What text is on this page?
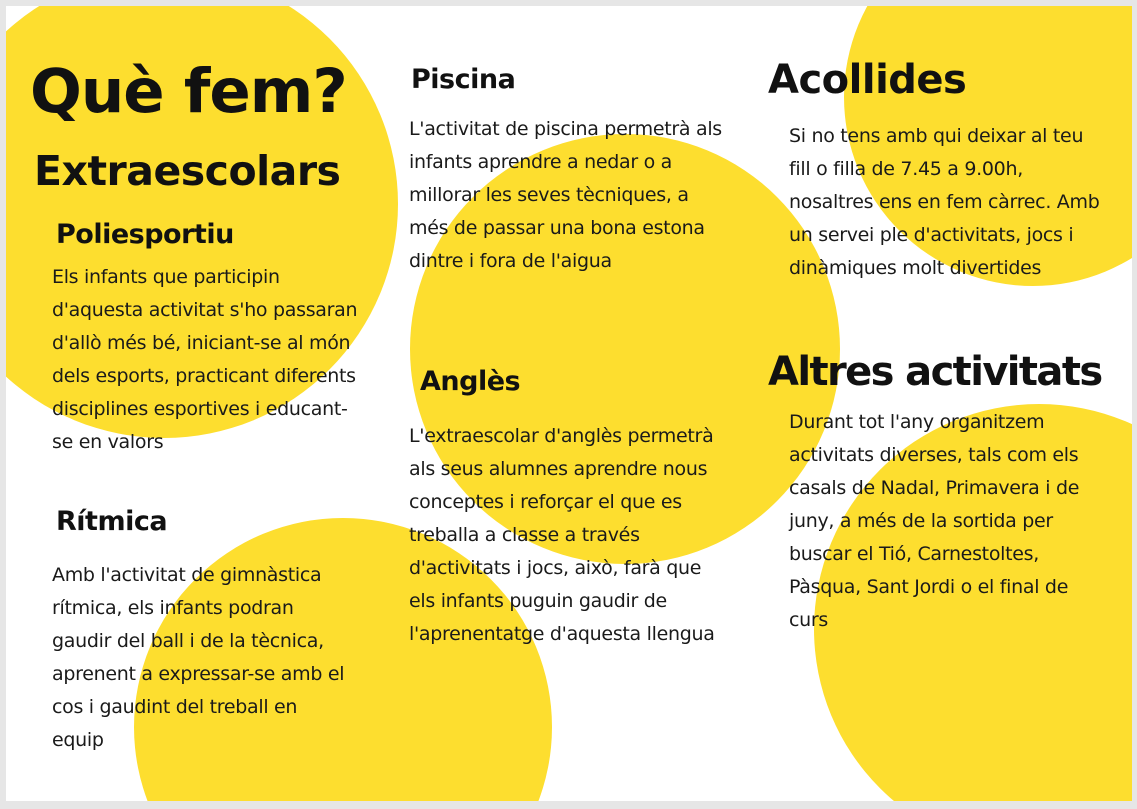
Què fem?
Extraescolars
Poliesportiu

Els infants que participin d'aquesta activitat s'ho passaran d'allò més bé, iniciant-se al món dels esports, practicant diferents disciplines esportives i educant-se en valors

Rítmica

Amb l'activitat de gimnàstica rítmica, els infants podran gaudir del ball i de la tècnica, aprenent a expressar-se amb el cos i gaudint del treball en equip

Piscina

L'activitat de piscina permetrà als infants aprendre a nedar o a millorar les seves tècniques, a més de passar una bona estona dintre i fora de l'aigua

Anglès

L'extraescolar d'anglès permetrà als seus alumnes aprendre nous conceptes i reforçar el que es treballa a classe a través d'activitats i jocs, això, farà que els infants puguin gaudir de l'aprenentatge d'aquesta llengua

Acollides

Si no tens amb qui deixar al teu fill o filla de 7.45 a 9.00h, nosaltres ens en fem càrrec. Amb un servei ple d'activitats, jocs i dinàmiques molt divertides

Altres activitats

Durant tot l'any organitzem activitats diverses, tals com els casals de Nadal, Primavera i de juny, a més de la sortida per buscar el Tió, Carnestoltes, Pàsqua, Sant Jordi o el final de curs
